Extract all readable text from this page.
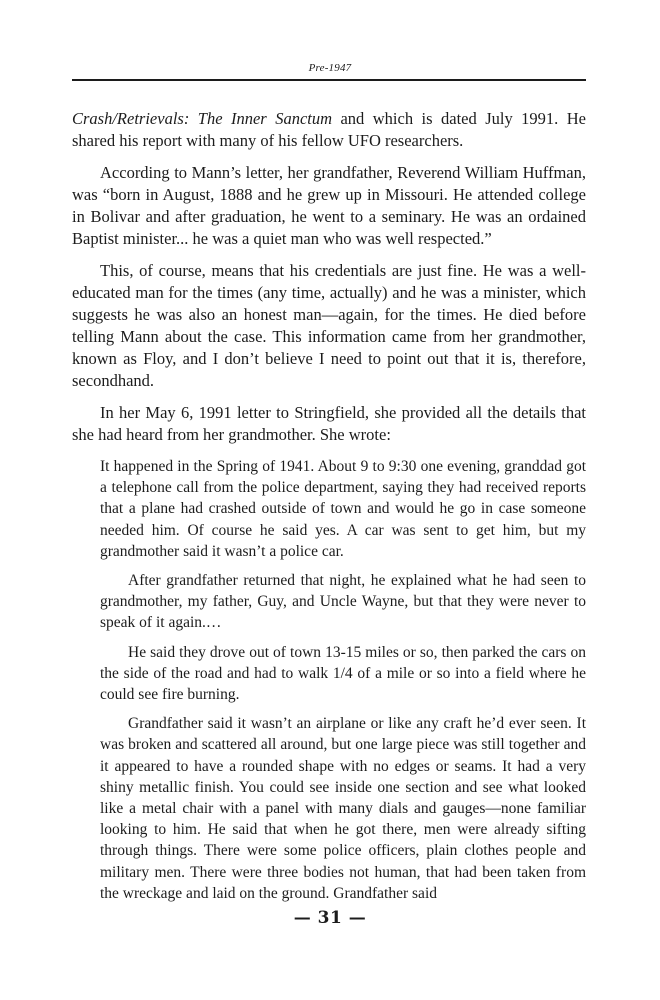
Pre-1947

Crash/Retrievals: The Inner Sanctum and which is dated July 1991. He shared his report with many of his fellow UFO researchers.

According to Mann’s letter, her grandfather, Reverend William Huffman, was “born in August, 1888 and he grew up in Missouri. He attended college in Bolivar and after graduation, he went to a seminary. He was an ordained Baptist minister... he was a quiet man who was well respected.”

This, of course, means that his credentials are just fine. He was a well-educated man for the times (any time, actually) and he was a minister, which suggests he was also an honest man—again, for the times. He died before telling Mann about the case. This information came from her grandmother, known as Floy, and I don’t believe I need to point out that it is, therefore, secondhand.

In her May 6, 1991 letter to Stringfield, she provided all the details that she had heard from her grandmother. She wrote:

It happened in the Spring of 1941. About 9 to 9:30 one evening, granddad got a telephone call from the police department, saying they had received reports that a plane had crashed outside of town and would he go in case someone needed him. Of course he said yes. A car was sent to get him, but my grandmother said it wasn’t a police car.

After grandfather returned that night, he explained what he had seen to grandmother, my father, Guy, and Uncle Wayne, but that they were never to speak of it again.…

He said they drove out of town 13-15 miles or so, then parked the cars on the side of the road and had to walk 1/4 of a mile or so into a field where he could see fire burning.

Grandfather said it wasn’t an airplane or like any craft he’d ever seen. It was broken and scattered all around, but one large piece was still together and it appeared to have a rounded shape with no edges or seams. It had a very shiny metallic finish. You could see inside one section and see what looked like a metal chair with a panel with many dials and gauges—none familiar looking to him. He said that when he got there, men were already sifting through things. There were some police officers, plain clothes people and military men. There were three bodies not human, that had been taken from the wreckage and laid on the ground. Grandfather said

— 31 —
